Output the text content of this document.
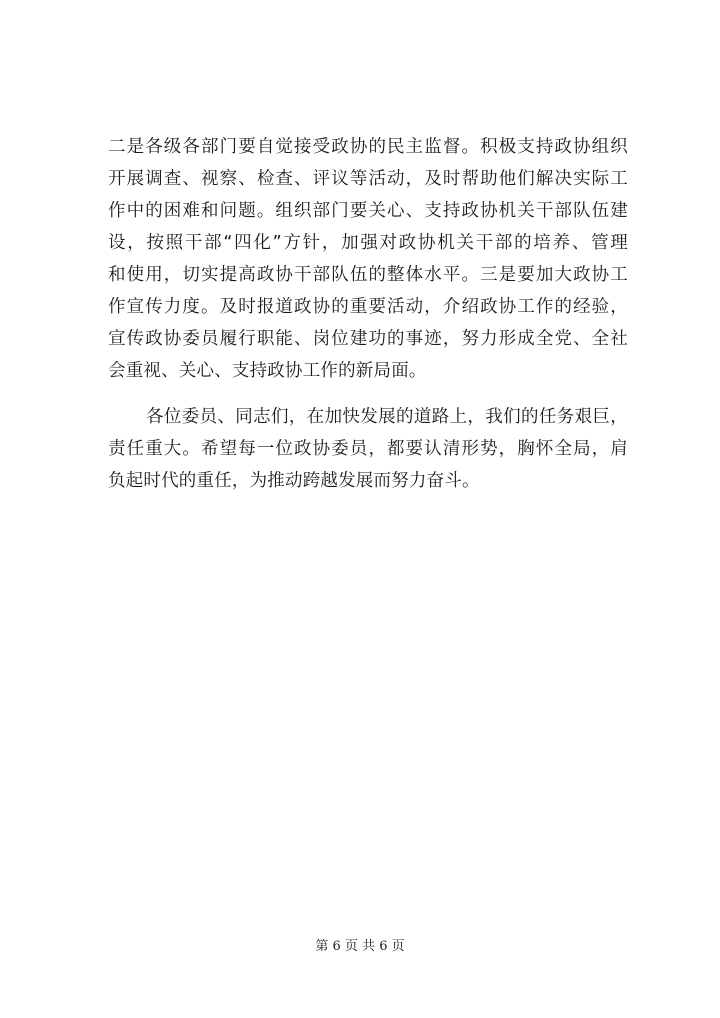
二是各级各部门要自觉接受政协的民主监督。积极支持政协组织
开展调查、视察、检查、评议等活动，及时帮助他们解决实际工
作中的困难和问题。组织部门要关心、支持政协机关干部队伍建
设，按照干部“四化”方针，加强对政协机关干部的培养、管理
和使用，切实提高政协干部队伍的整体水平。三是要加大政协工
作宣传力度。及时报道政协的重要活动，介绍政协工作的经验，
宣传政协委员履行职能、岗位建功的事迹，努力形成全党、全社
会重视、关心、支持政协工作的新局面。
各位委员、同志们，在加快发展的道路上，我们的任务艰巨，
责任重大。希望每一位政协委员，都要认清形势，胸怀全局，肩
负起时代的重任，为推动跨越发展而努力奋斗。
第 6 页 共 6 页
